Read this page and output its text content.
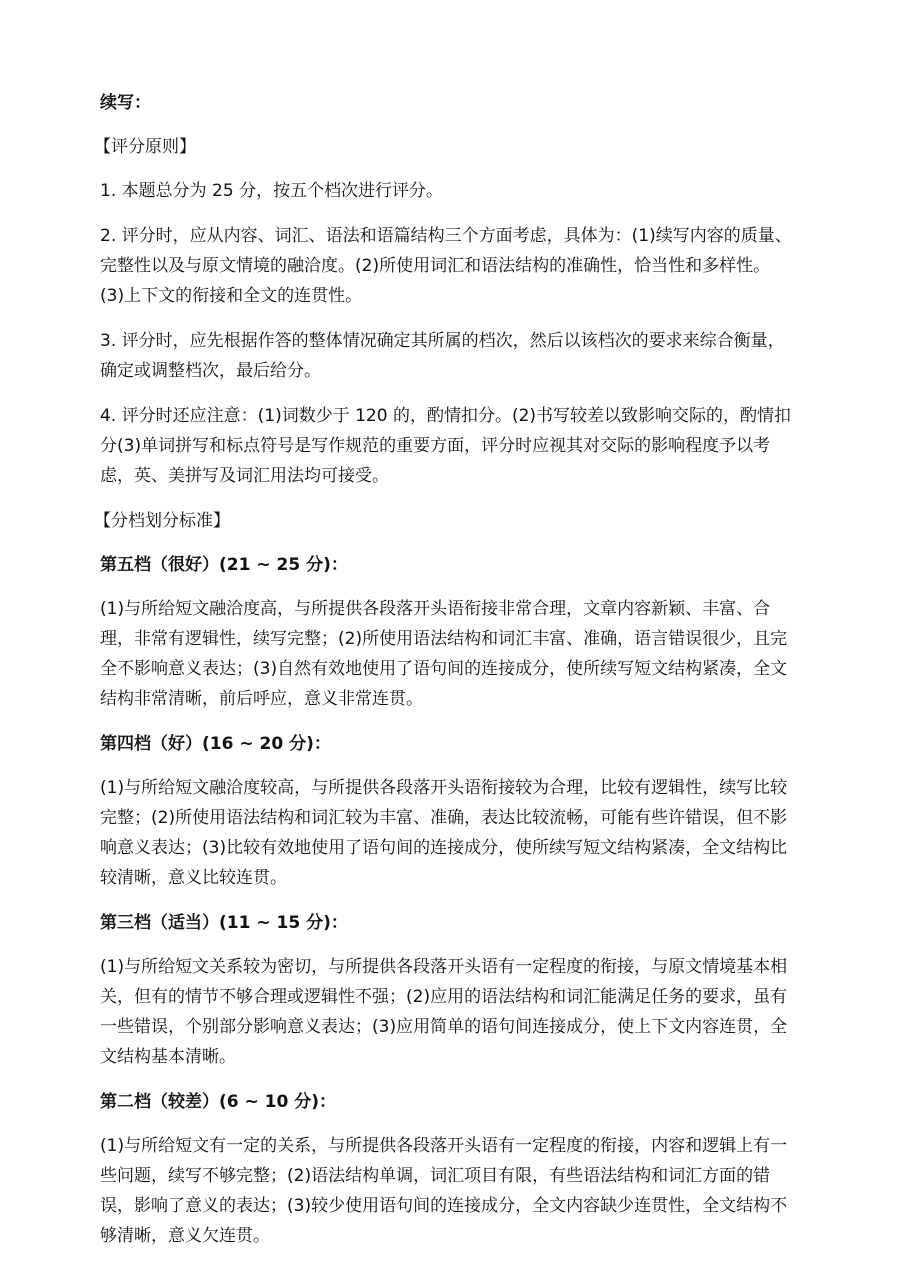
续写：

【评分原则】

1. 本题总分为 25 分，按五个档次进行评分。

2. 评分时，应从内容、词汇、语法和语篇结构三个方面考虑，具体为：(1)续写内容的质量、完整性以及与原文情境的融洽度。(2)所使用词汇和语法结构的准确性，恰当性和多样性。(3)上下文的衔接和全文的连贯性。

3. 评分时，应先根据作答的整体情况确定其所属的档次，然后以该档次的要求来综合衡量，确定或调整档次，最后给分。

4. 评分时还应注意：(1)词数少于 120 的，酌情扣分。(2)书写较差以致影响交际的，酌情扣分(3)单词拼写和标点符号是写作规范的重要方面，评分时应视其对交际的影响程度予以考虑，英、美拼写及词汇用法均可接受。

【分档划分标准】

第五档（很好）(21 ~ 25 分)：

(1)与所给短文融洽度高，与所提供各段落开头语衔接非常合理，文章内容新颖、丰富、合理，非常有逻辑性，续写完整；(2)所使用语法结构和词汇丰富、准确，语言错误很少，且完全不影响意义表达；(3)自然有效地使用了语句间的连接成分，使所续写短文结构紧凑，全文结构非常清晰，前后呼应，意义非常连贯。

第四档（好）(16 ~ 20 分)：

(1)与所给短文融洽度较高，与所提供各段落开头语衔接较为合理，比较有逻辑性，续写比较完整；(2)所使用语法结构和词汇较为丰富、准确，表达比较流畅，可能有些许错误，但不影响意义表达；(3)比较有效地使用了语句间的连接成分，使所续写短文结构紧凑，全文结构比较清晰，意义比较连贯。

第三档（适当）(11 ~ 15 分)：

(1)与所给短文关系较为密切，与所提供各段落开头语有一定程度的衔接，与原文情境基本相关，但有的情节不够合理或逻辑性不强；(2)应用的语法结构和词汇能满足任务的要求，虽有一些错误，个别部分影响意义表达；(3)应用简单的语句间连接成分，使上下文内容连贯，全文结构基本清晰。

第二档（较差）(6 ~ 10 分)：

(1)与所给短文有一定的关系，与所提供各段落开头语有一定程度的衔接，内容和逻辑上有一些问题，续写不够完整；(2)语法结构单调，词汇项目有限，有些语法结构和词汇方面的错误，影响了意义的表达；(3)较少使用语句间的连接成分，全文内容缺少连贯性，全文结构不够清晰，意义欠连贯。
